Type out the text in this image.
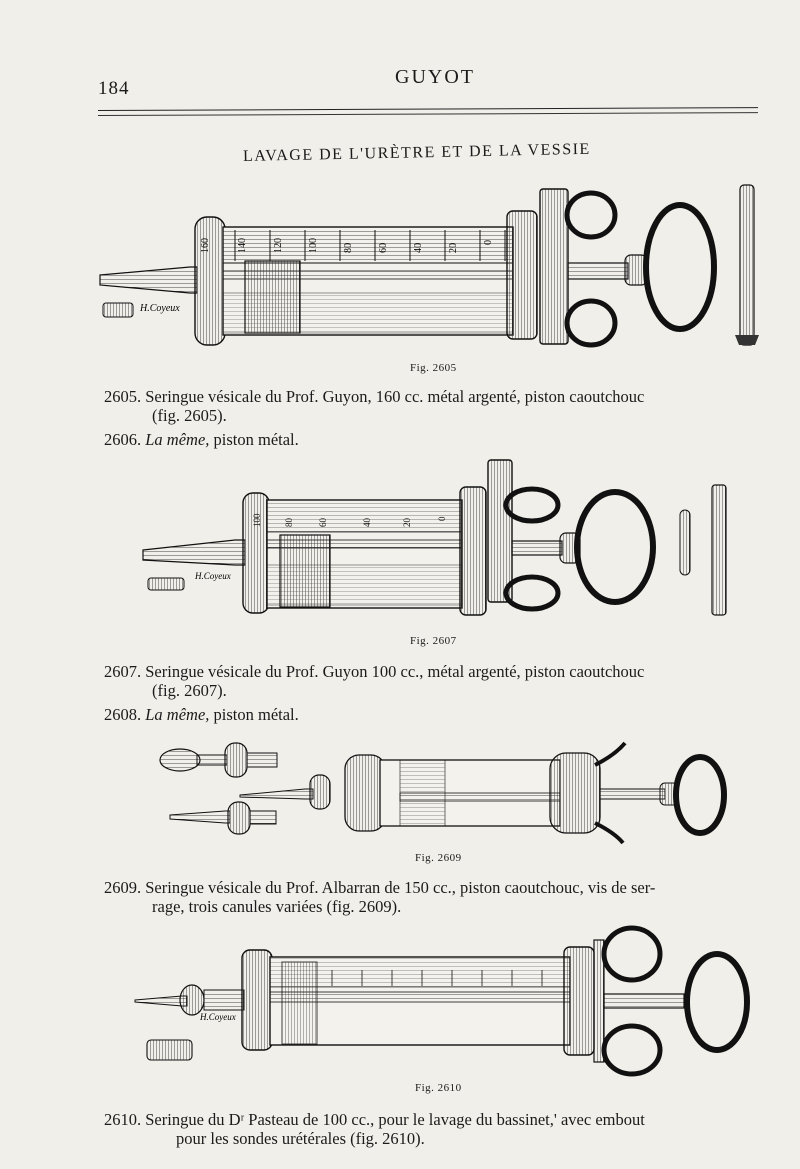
184
GUYOT
LAVAGE DE L'URÈTRE ET DE LA VESSIE
160	140	120 100 80 60 40 20
0
H.Coyeux
Fig. 2605
2605. Seringue vésicale du Prof. Guyon, 160 cc. métal argenté, piston caoutchouc
(fig. 2605).
2606. La même, piston métal.
100 80	60	40	20	0
H.Coyeux
Fig. 2607
2607. Seringue vésicale du Prof. Guyon 100 cc., métal argenté, piston caoutchouc
(fig. 2607).
2608. La même, piston métal.
Fig. 2609
2609. Seringue vésicale du Prof. Albarran de 150 cc., piston caoutchouc, vis de ser-
rage, trois canules variées (fig. 2609).
H.Coyeux
Fig. 2610
2610. Seringue du Dʳ Pasteau de 100 cc., pour le lavage du bassinet,' avec embout
pour les sondes urétérales (fig. 2610).
